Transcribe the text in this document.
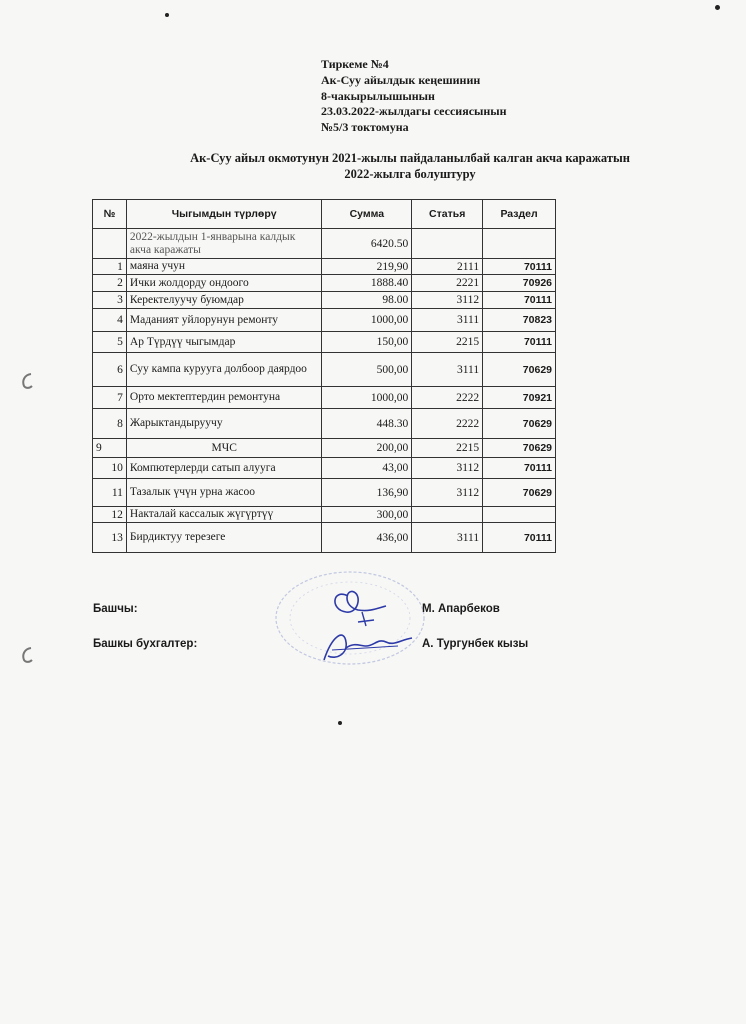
Тиркеме №4
Ак-Суу айылдык кеңешинин
8-чакырылышынын
23.03.2022-жылдагы сессиясынын
№5/3 токтомуна
Ак-Суу айыл окмотунун 2021-жылы пайдаланылбай калган акча каражатын
2022-жылга болуштуру
№	Чыгымдын түрлөрү	Сумма	Статья	Раздел
	2022-жылдын 1-январына калдык акча каражаты	6420.50		
1	маяна учун	219,90	2111	70111
2	Ички жолдорду ондоого	1888.40	2221	70926
3	Керектелуучу буюмдар	98.00	3112	70111
4	Маданият уйлорунун ремонту	1000,00	3111	70823
5	Ар Түрдүү чыгымдар	150,00	2215	70111
6	Суу кампа курууга долбоор даярдоо	500,00	3111	70629
7	Орто мектептердин ремонтуна	1000,00	2222	70921
8	Жарыктандыруучу	448.30	2222	70629
9	МЧС	200,00	2215	70629
10	Компютерлерди сатып алууга	43,00	3112	70111
11	Тазалык үчүн урна жасоо	136,90	3112	70629
12	Накталай кассалык жүгүртүү	300,00		
13	Бирдиктуу терезеге	436,00	3111	70111
Башчы:	М. Апарбеков
Башкы бухгалтер:	А. Тургунбек кызы
